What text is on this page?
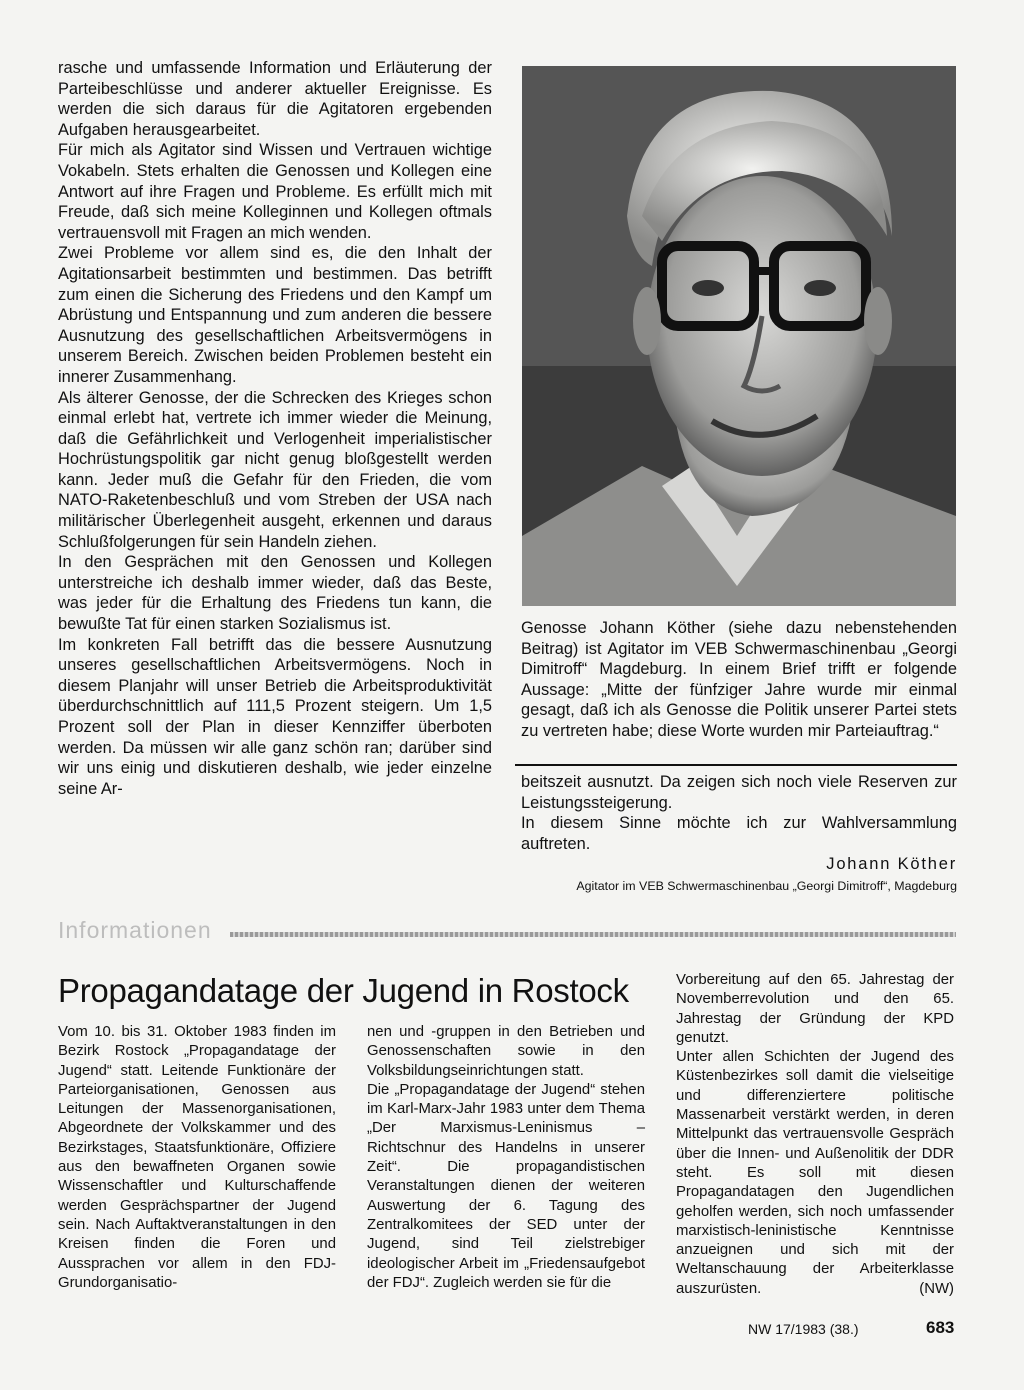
rasche und umfassende Information und Erläuterung der Parteibeschlüsse und anderer aktueller Ereignisse. Es werden die sich daraus für die Agitatoren ergebenden Aufgaben herausgearbeitet.

Für mich als Agitator sind Wissen und Vertrauen wichtige Vokabeln. Stets erhalten die Genossen und Kollegen eine Antwort auf ihre Fragen und Probleme. Es erfüllt mich mit Freude, daß sich meine Kolleginnen und Kollegen oftmals vertrauensvoll mit Fragen an mich wenden.

Zwei Probleme vor allem sind es, die den Inhalt der Agitationsarbeit bestimmten und bestimmen. Das betrifft zum einen die Sicherung des Friedens und den Kampf um Abrüstung und Entspannung und zum anderen die bessere Ausnutzung des gesellschaftlichen Arbeitsvermögens in unserem Bereich. Zwischen beiden Problemen besteht ein innerer Zusammenhang.

Als älterer Genosse, der die Schrecken des Krieges schon einmal erlebt hat, vertrete ich immer wieder die Meinung, daß die Gefährlichkeit und Verlogenheit imperialistischer Hochrüstungspolitik gar nicht genug bloßgestellt werden kann. Jeder muß die Gefahr für den Frieden, die vom NATO-Raketenbeschluß und vom Streben der USA nach militärischer Überlegenheit ausgeht, erkennen und daraus Schlußfolgerungen für sein Handeln ziehen.

In den Gesprächen mit den Genossen und Kollegen unterstreiche ich deshalb immer wieder, daß das Beste, was jeder für die Erhaltung des Friedens tun kann, die bewußte Tat für einen starken Sozialismus ist.

Im konkreten Fall betrifft das die bessere Ausnutzung unseres gesellschaftlichen Arbeitsvermögens. Noch in diesem Planjahr will unser Betrieb die Arbeitsproduktivität überdurchschnittlich auf 111,5 Prozent steigern. Um 1,5 Prozent soll der Plan in dieser Kennziffer überboten werden. Da müssen wir alle ganz schön ran; darüber sind wir uns einig und diskutieren deshalb, wie jeder einzelne seine Ar-

Genosse Johann Köther (siehe dazu nebenstehenden Beitrag) ist Agitator im VEB Schwermaschinenbau „Georgi Dimitroff“ Magdeburg. In einem Brief trifft er folgende Aussage: „Mitte der fünfziger Jahre wurde mir einmal gesagt, daß ich als Genosse die Politik unserer Partei stets zu vertreten habe; diese Worte wurden mir Parteiauftrag.“

beitszeit ausnutzt. Da zeigen sich noch viele Reserven zur Leistungssteigerung.

In diesem Sinne möchte ich zur Wahlversammlung auftreten.

Johann Köther
Agitator im VEB Schwermaschinenbau „Georgi Dimitroff“, Magdeburg
Informationen
Propagandatage der Jugend in Rostock

Vom 10. bis 31. Oktober 1983 finden im Bezirk Rostock „Propagandatage der Jugend“ statt. Leitende Funktionäre der Parteiorganisationen, Genossen aus Leitungen der Massenorganisationen, Abgeordnete der Volkskammer und des Bezirkstages, Staatsfunktionäre, Offiziere aus den bewaffneten Organen sowie Wissenschaftler und Kulturschaffende werden Gesprächspartner der Jugend sein. Nach Auftaktveranstaltungen in den Kreisen finden die Foren und Aussprachen vor allem in den FDJ-Grundorganisatio-

nen und -gruppen in den Betrieben und Genossenschaften sowie in den Volksbildungseinrichtungen statt.

Die „Propagandatage der Jugend“ stehen im Karl-Marx-Jahr 1983 unter dem Thema „Der Marxismus-Leninismus – Richtschnur des Handelns in unserer Zeit“. Die propagandistischen Veranstaltungen dienen der weiteren Auswertung der 6. Tagung des Zentralkomitees der SED unter der Jugend, sind Teil zielstrebiger ideologischer Arbeit im „Friedensaufgebot der FDJ“. Zugleich werden sie für die

Vorbereitung auf den 65. Jahrestag der Novemberrevolution und den 65. Jahrestag der Gründung der KPD genutzt.

Unter allen Schichten der Jugend des Küstenbezirkes soll damit die vielseitige und differenziertere politische Massenarbeit verstärkt werden, in deren Mittelpunkt das vertrauensvolle Gespräch über die Innen- und Außenolitik der DDR steht. Es soll mit diesen Propagandatagen den Jugendlichen geholfen werden, sich noch umfassender marxistisch-leninistische Kenntnisse anzueignen und sich mit der Weltanschauung der Arbeiterklasse auszurüsten.	(NW)

NW 17/1983 (38.)	683
